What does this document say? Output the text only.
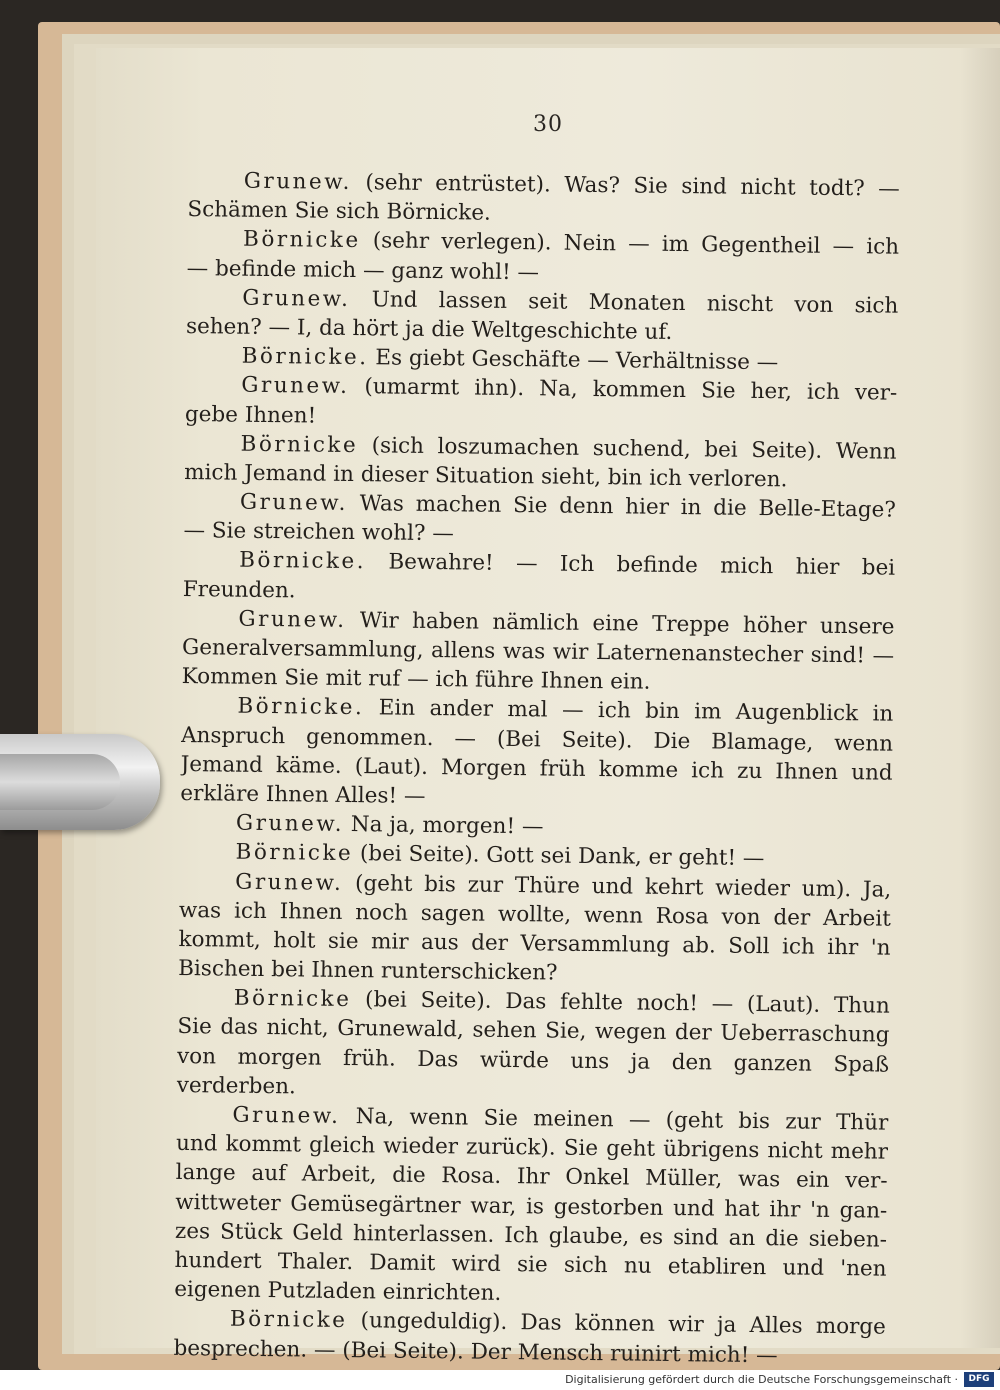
30
Grunew. (sehr entrüstet). Was? Sie sind nicht todt? —
Schämen Sie sich Börnicke.
Börnicke (sehr verlegen). Nein — im Gegentheil — ich
— befinde mich — ganz wohl! —
Grunew. Und lassen seit Monaten nischt von sich
sehen? — I, da hört ja die Weltgeschichte uf.
Börnicke. Es giebt Geschäfte — Verhältnisse —
Grunew. (umarmt ihn). Na, kommen Sie her, ich ver-
gebe Ihnen!
Börnicke (sich loszumachen suchend, bei Seite). Wenn
mich Jemand in dieser Situation sieht, bin ich verloren.
Grunew. Was machen Sie denn hier in die Belle-Etage?
— Sie streichen wohl? —
Börnicke. Bewahre! — Ich befinde mich hier bei
Freunden.
Grunew. Wir haben nämlich eine Treppe höher unsere
Generalversammlung, allens was wir Laternenanstecher sind! —
Kommen Sie mit ruf — ich führe Ihnen ein.
Börnicke. Ein ander mal — ich bin im Augenblick in
Anspruch genommen. — (Bei Seite). Die Blamage, wenn
Jemand käme. (Laut). Morgen früh komme ich zu Ihnen und
erkläre Ihnen Alles! —
Grunew. Na ja, morgen! —
Börnicke (bei Seite). Gott sei Dank, er geht! —
Grunew. (geht bis zur Thüre und kehrt wieder um). Ja,
was ich Ihnen noch sagen wollte, wenn Rosa von der Arbeit
kommt, holt sie mir aus der Versammlung ab. Soll ich ihr 'n
Bischen bei Ihnen runterschicken?
Börnicke (bei Seite). Das fehlte noch! — (Laut). Thun
Sie das nicht, Grunewald, sehen Sie, wegen der Ueberraschung
von morgen früh. Das würde uns ja den ganzen Spaß
verderben.
Grunew. Na, wenn Sie meinen — (geht bis zur Thür
und kommt gleich wieder zurück). Sie geht übrigens nicht mehr
lange auf Arbeit, die Rosa. Ihr Onkel Müller, was ein ver-
wittweter Gemüsegärtner war, is gestorben und hat ihr 'n gan-
zes Stück Geld hinterlassen. Ich glaube, es sind an die sieben-
hundert Thaler. Damit wird sie sich nu etabliren und 'nen
eigenen Putzladen einrichten.
Börnicke (ungeduldig). Das können wir ja Alles morge
besprechen. — (Bei Seite). Der Mensch ruinirt mich! —
Digitalisierung gefördert durch die Deutsche Forschungsgemeinschaft ·	DFG
